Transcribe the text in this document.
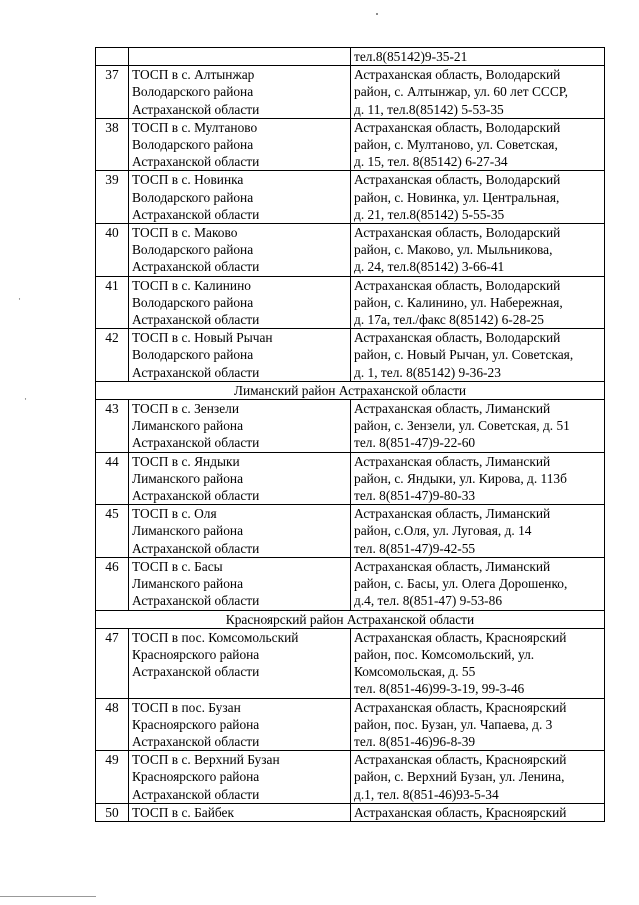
˙
˙
		тел.8(85142)9-35-21
37	ТОСП в с. Алтынжар
Володарского района
Астраханской области	Астраханская область, Володарский
район, с. Алтынжар, ул. 60 лет СССР,
д. 11, тел.8(85142) 5-53-35
38	ТОСП в с. Мултаново
Володарского района
Астраханской области	Астраханская область, Володарский
район, с. Мултаново, ул. Советская,
д. 15, тел. 8(85142) 6-27-34
39	ТОСП в с. Новинка
Володарского района
Астраханской области	Астраханская область, Володарский
район, с. Новинка, ул. Центральная,
д. 21, тел.8(85142) 5-55-35
40	ТОСП в с. Маково
Володарского района
Астраханской области	Астраханская область, Володарский
район, с. Маково, ул. Мыльникова,
д. 24, тел.8(85142) 3-66-41
41	ТОСП в с. Калинино
Володарского района
Астраханской области	Астраханская область, Володарский
район, с. Калинино, ул. Набережная,
д. 17а, тел./факс 8(85142) 6-28-25
42	ТОСП в с. Новый Рычан
Володарского района
Астраханской области	Астраханская область, Володарский
район, с. Новый Рычан, ул. Советская,
д. 1, тел. 8(85142) 9-36-23
Лиманский район Астраханской области		
43	ТОСП в с. Зензели
Лиманского района
Астраханской области	Астраханская область, Лиманский
район, с. Зензели, ул. Советская, д. 51
тел. 8(851-47)9-22-60
44	ТОСП в с. Яндыки
Лиманского района
Астраханской области	Астраханская область, Лиманский
район, с. Яндыки, ул. Кирова, д. 113б
тел. 8(851-47)9-80-33
45	ТОСП в с. Оля
Лиманского района
Астраханской области	Астраханская область, Лиманский
район, с.Оля, ул. Луговая, д. 14
тел. 8(851-47)9-42-55
46	ТОСП в с. Басы
Лиманского района
Астраханской области	Астраханская область, Лиманский
район, с. Басы, ул. Олега Дорошенко,
д.4, тел. 8(851-47) 9-53-86
Красноярский район Астраханской области		
47	ТОСП в пос. Комсомольский
Красноярского района
Астраханской области	Астраханская область, Красноярский
район, пос. Комсомольский, ул.
Комсомольская, д. 55
тел. 8(851-46)99-3-19, 99-3-46
48	ТОСП в пос. Бузан
Красноярского района
Астраханской области	Астраханская область, Красноярский
район, пос. Бузан, ул. Чапаева, д. 3
тел. 8(851-46)96-8-39
49	ТОСП в с. Верхний Бузан
Красноярского района
Астраханской области	Астраханская область, Красноярский
район, с. Верхний Бузан, ул. Ленина,
д.1, тел. 8(851-46)93-5-34
50	ТОСП в с. Байбек	Астраханская область, Красноярский
